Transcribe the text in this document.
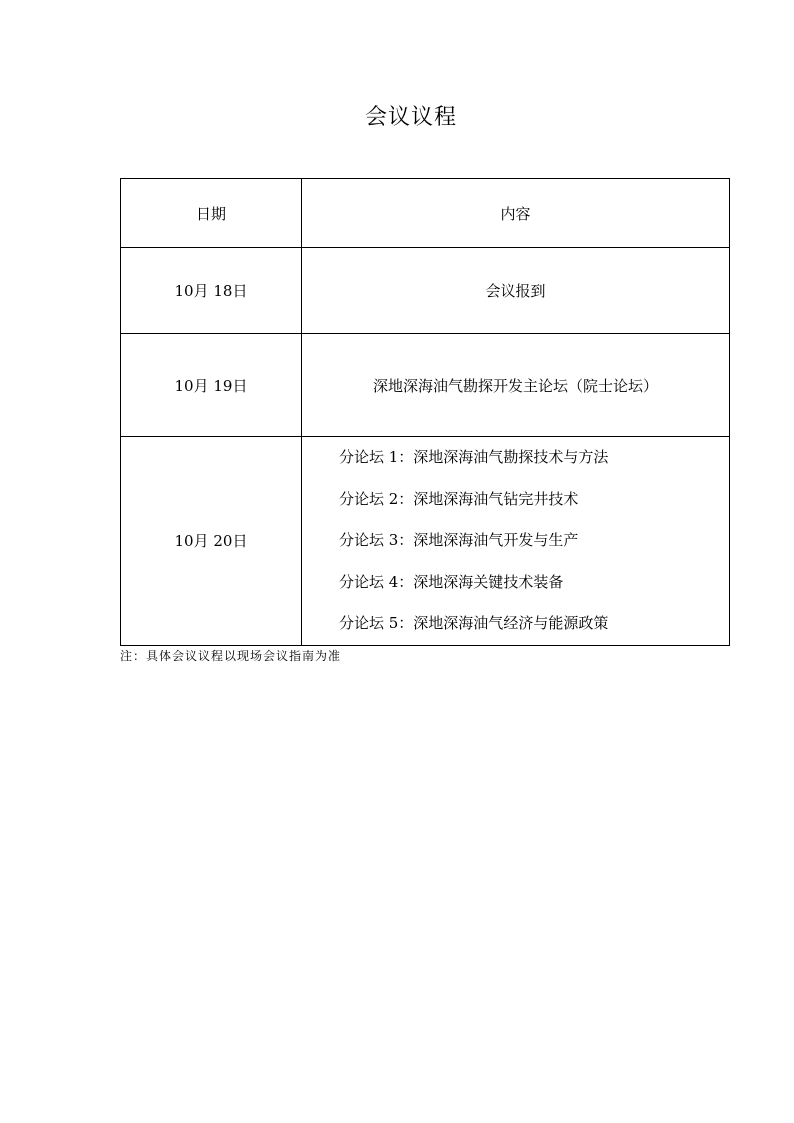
会议议程
日期	内容
10月 18日	会议报到
10月 19日	深地深海油气勘探开发主论坛（院士论坛）
10月 20日	分论坛 1：深地深海油气勘探技术与方法
分论坛 2：深地深海油气钻完井技术
分论坛 3：深地深海油气开发与生产
分论坛 4：深地深海关键技术装备
分论坛 5：深地深海油气经济与能源政策
注：具体会议议程以现场会议指南为准
